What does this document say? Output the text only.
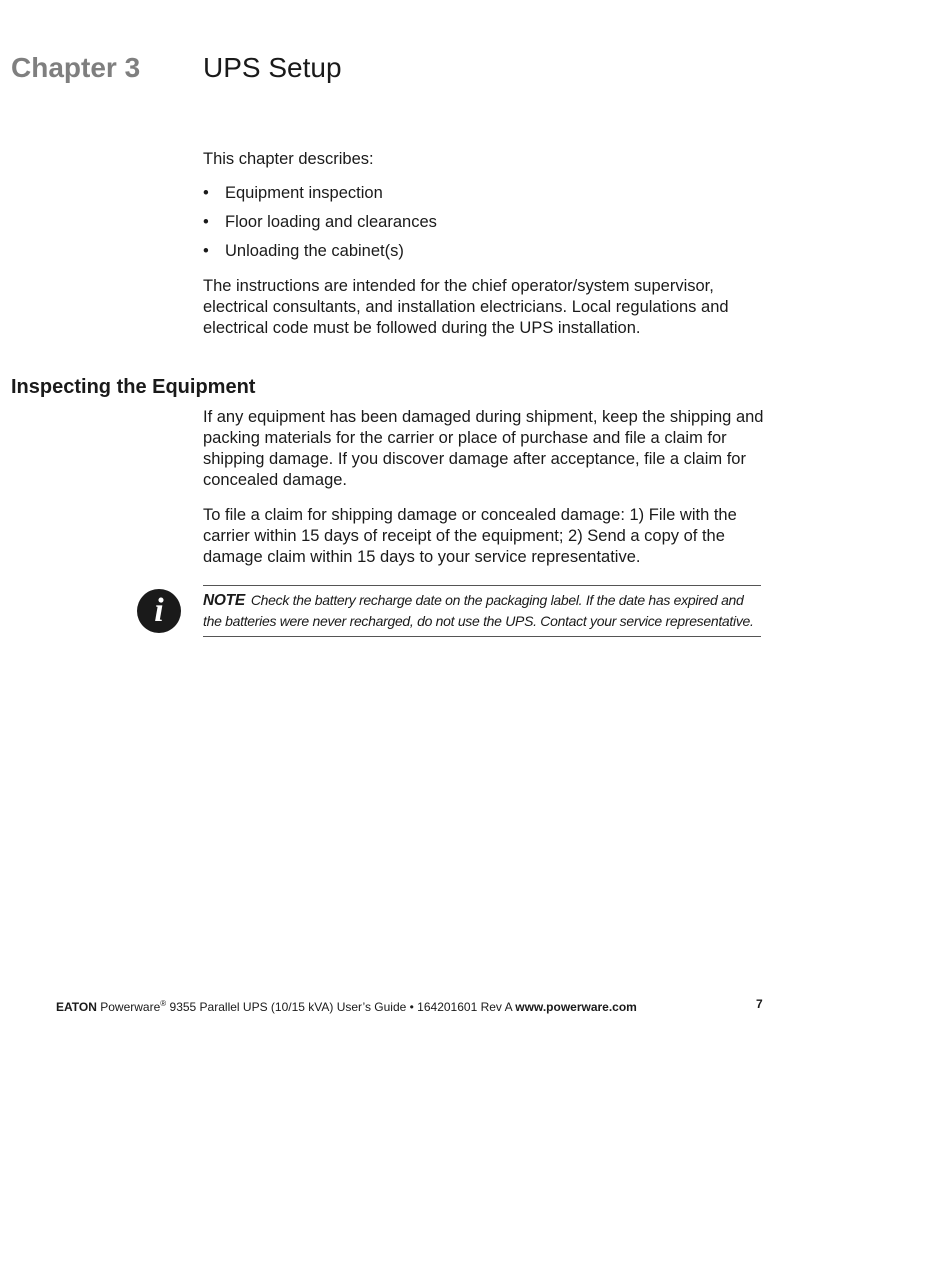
Chapter 3 UPS Setup
This chapter describes:
• Equipment inspection
• Floor loading and clearances
• Unloading the cabinet(s)
The instructions are intended for the chief operator/system supervisor, electrical consultants, and installation electricians. Local regulations and electrical code must be followed during the UPS installation.
Inspecting the Equipment
If any equipment has been damaged during shipment, keep the shipping and packing materials for the carrier or place of purchase and file a claim for shipping damage. If you discover damage after acceptance, file a claim for concealed damage.
To file a claim for shipping damage or concealed damage: 1) File with the carrier within 15 days of receipt of the equipment; 2) Send a copy of the damage claim within 15 days to your service representative.
i	NOTE Check the battery recharge date on the packaging label. If the date has expired and the batteries were never recharged, do not use the UPS. Contact your service representative.
EATON Powerware® 9355 Parallel UPS (10/15 kVA) User’s Guide • 164201601 Rev A www.powerware.com	7
